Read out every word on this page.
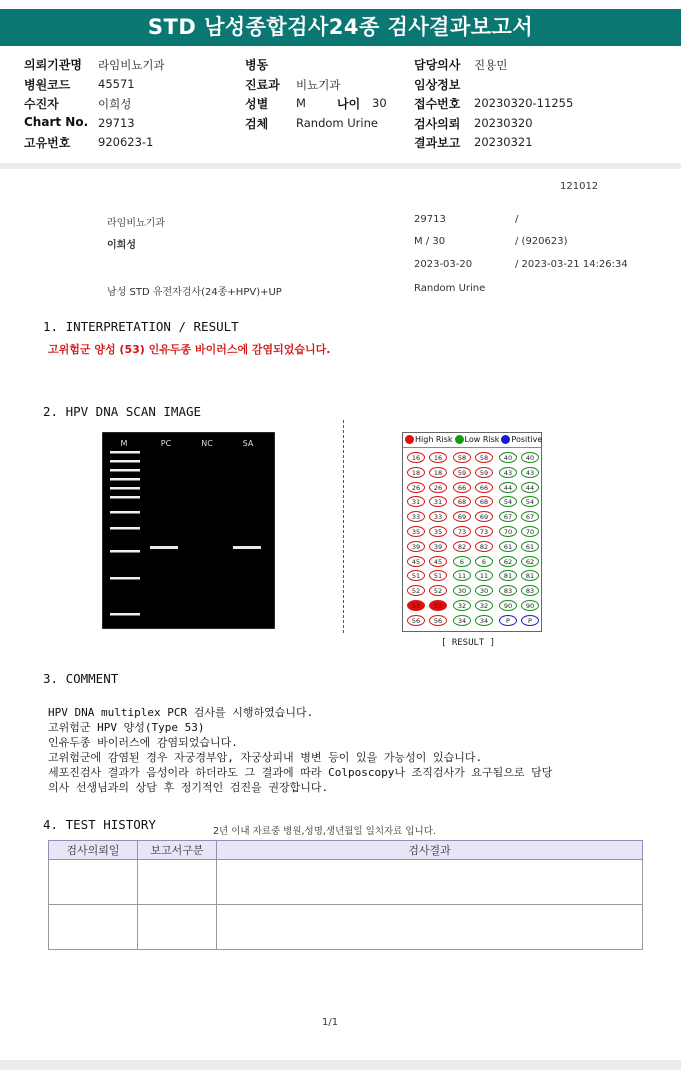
STD 남성종합검사24종 검사결과보고서
의뢰기관명 라임비뇨기과
병원코드 45571
수진자	이희성
Chart No. 29713
고유번호 920623-1
병동
진료과 비뇨기과
성별 M
검체 Random Urine
담당의사 진용민
임상정보
접수번호 20230320-11255
검사의뢰 20230320
결과보고 20230321
나이 30
121012
라임비뇨기과	29713	/
이희성	M / 30	/ (920623)
2023-03-20	/ 2023-03-21 14:26:34
남성 STD 유전자검사(24종+HPV)+UP	Random Urine
1. INTERPRETATION / RESULT
고위험군 양성 (53) 인유두종 바이러스에 감염되었습니다.
2. HPV DNA SCAN IMAGE
M	PC	NC	SA	High Risk Low Risk Positive
16	16	58	58	40	40
18	18	59	59	43	43
26	26	66	66	44	44
31	31	68	68	54	54
33	33	69	69	67	67
35	35	73	73	70	70
39	39	82	82	61	61
45	45	6	6	62	62
51	51	11	11	81	81
52	52	30	30	83	83
53	53	32	32	90	90
56	56	34	34	P	P
[ RESULT ]
3. COMMENT
HPV DNA multiplex PCR 검사를 시행하였습니다.
고위험군 HPV 양성(Type 53)
인유두종 바이러스에 감염되었습니다.
고위험군에 감염된 경우 자궁경부암, 자궁상피내 병변 등이 있을 가능성이 있습니다.
세포진검사 결과가 음성이라 하더라도 그 결과에 따라 Colposcopy나 조직검사가 요구됨으로 담당
의사 선생님과의 상담 후 정기적인 검진을 권장합니다.
4. TEST HISTORY	2년 이내 자료중 병원,성명,생년월일 일치자료 입니다.
검사의뢰일	보고서구분	검사결과

1/1
